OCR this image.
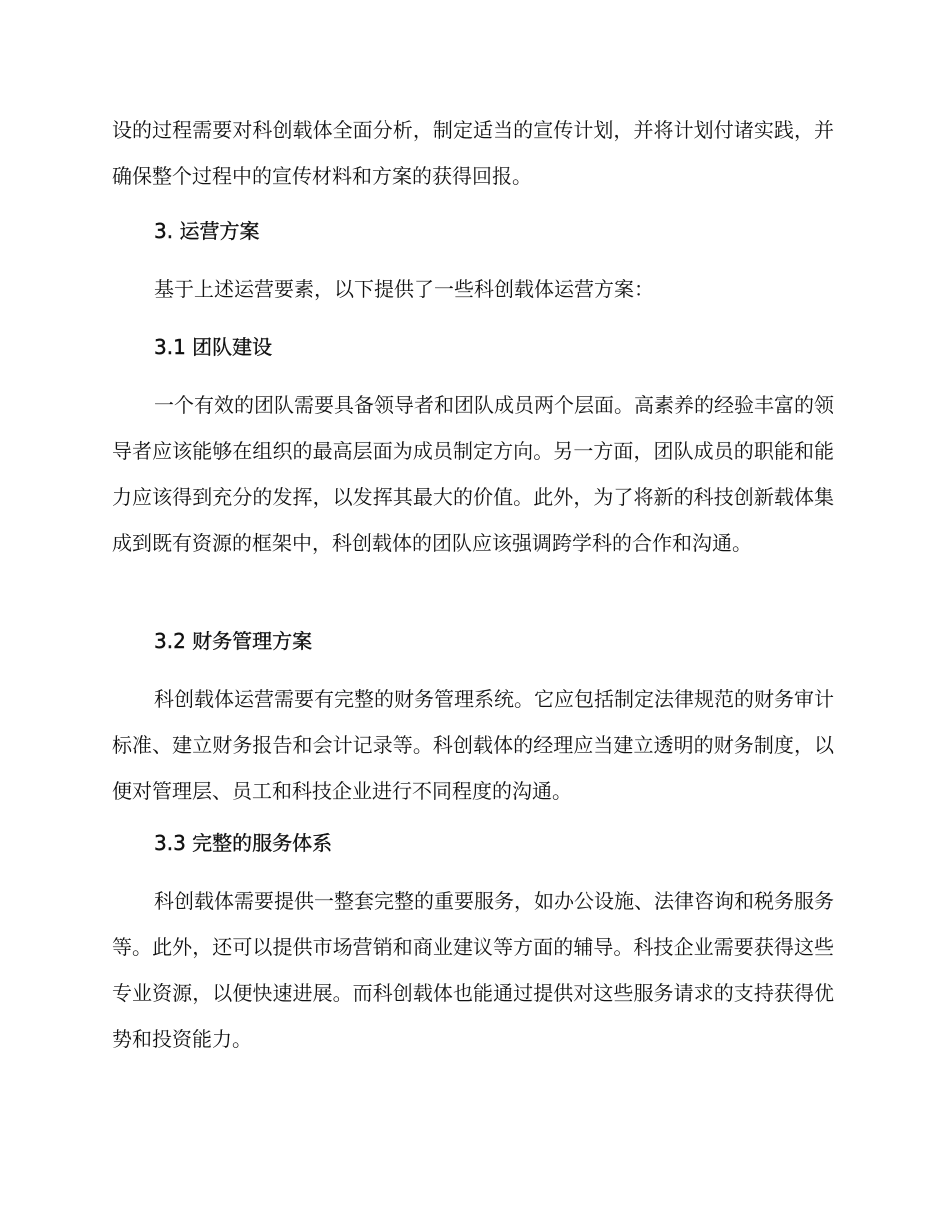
设的过程需要对科创载体全面分析，制定适当的宣传计划，并将计划付诸实践，并确保整个过程中的宣传材料和方案的获得回报。

3. 运营方案

基于上述运营要素，以下提供了一些科创载体运营方案：

3.1 团队建设

一个有效的团队需要具备领导者和团队成员两个层面。高素养的经验丰富的领导者应该能够在组织的最高层面为成员制定方向。另一方面，团队成员的职能和能力应该得到充分的发挥，以发挥其最大的价值。此外，为了将新的科技创新载体集成到既有资源的框架中，科创载体的团队应该强调跨学科的合作和沟通。

3.2 财务管理方案

科创载体运营需要有完整的财务管理系统。它应包括制定法律规范的财务审计标准、建立财务报告和会计记录等。科创载体的经理应当建立透明的财务制度，以便对管理层、员工和科技企业进行不同程度的沟通。

3.3 完整的服务体系

科创载体需要提供一整套完整的重要服务，如办公设施、法律咨询和税务服务等。此外，还可以提供市场营销和商业建议等方面的辅导。科技企业需要获得这些专业资源，以便快速进展。而科创载体也能通过提供对这些服务请求的支持获得优势和投资能力。
